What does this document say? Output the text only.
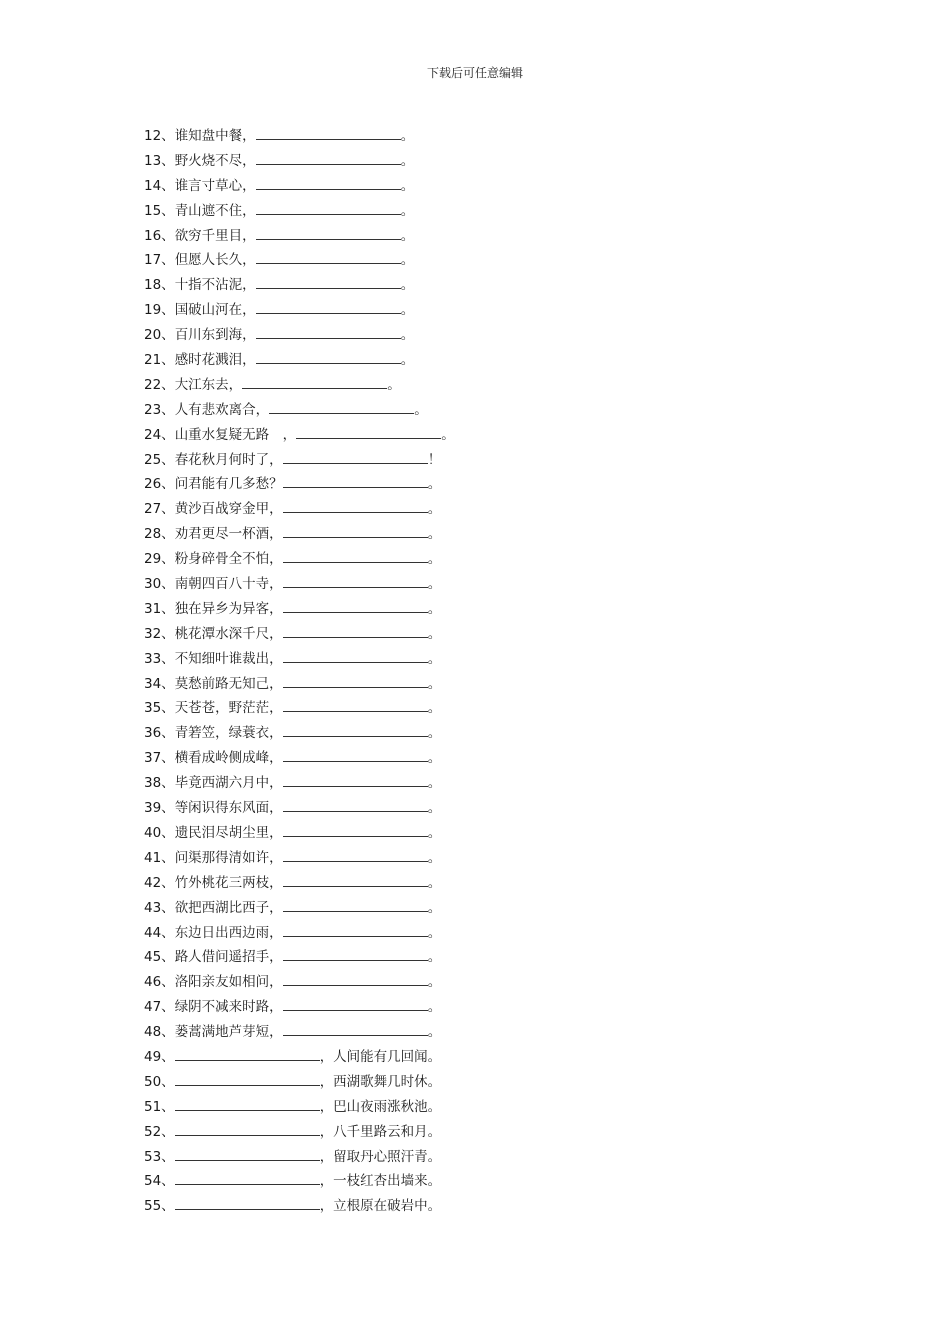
下载后可任意编辑
12、谁知盘中餐，	。
13、野火烧不尽，	。
14、谁言寸草心，	。
15、青山遮不住，	。
16、欲穷千里目，	。
17、但愿人长久，	。
18、十指不沾泥，	。
19、国破山河在，	。
20、百川东到海，	。
21、感时花溅泪，	。
22、大江东去，	。
23、人有悲欢离合，	。
24、山重水复疑无路　，	。
25、春花秋月何时了，	！
26、问君能有几多愁？	。
27、黄沙百战穿金甲，	。
28、劝君更尽一杯酒，	。
29、粉身碎骨全不怕，	。
30、南朝四百八十寺，	。
31、独在异乡为异客，	。
32、桃花潭水深千尺，	。
33、不知细叶谁裁出，	。
34、莫愁前路无知己，	。
35、天苍苍，野茫茫，	。
36、青箬笠，绿蓑衣，	。
37、横看成岭侧成峰，	。
38、毕竟西湖六月中，	。
39、等闲识得东风面，	。
40、遗民泪尽胡尘里，	。
41、问渠那得清如许，	。
42、竹外桃花三两枝，	。
43、欲把西湖比西子，	。
44、东边日出西边雨，	。
45、路人借问遥招手，	。
46、洛阳亲友如相问，	。
47、绿阴不减来时路，	。
48、蒌蒿满地芦芽短，	。
49、	，人间能有几回闻。
50、	，西湖歌舞几时休。
51、	，巴山夜雨涨秋池。
52、	，八千里路云和月。
53、	，留取丹心照汗青。
54、	，一枝红杏出墙来。
55、	，立根原在破岩中。
